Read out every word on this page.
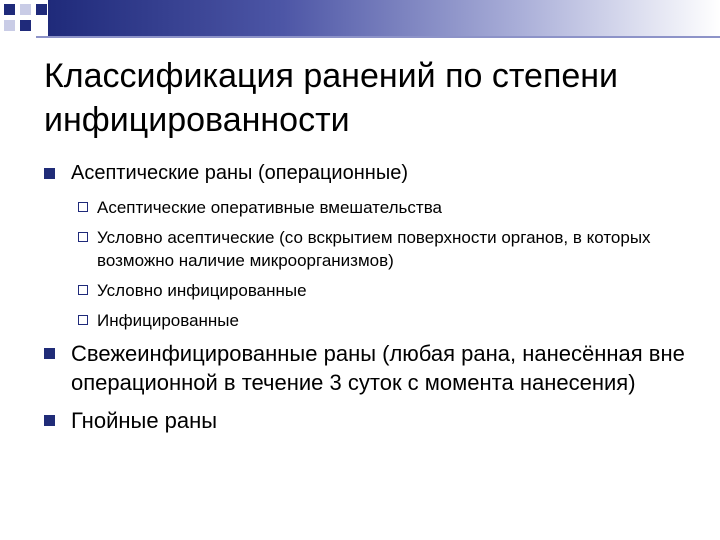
Классификация ранений по степени инфицированности
Асептические раны (операционные)
Асептические оперативные вмешательства
Условно асептические (со вскрытием поверхности органов, в которых возможно наличие микроорганизмов)
Условно инфицированные
Инфицированные
Свежеинфицированные раны (любая рана, нанесённая вне операционной в течение 3 суток с момента нанесения)
Гнойные раны
